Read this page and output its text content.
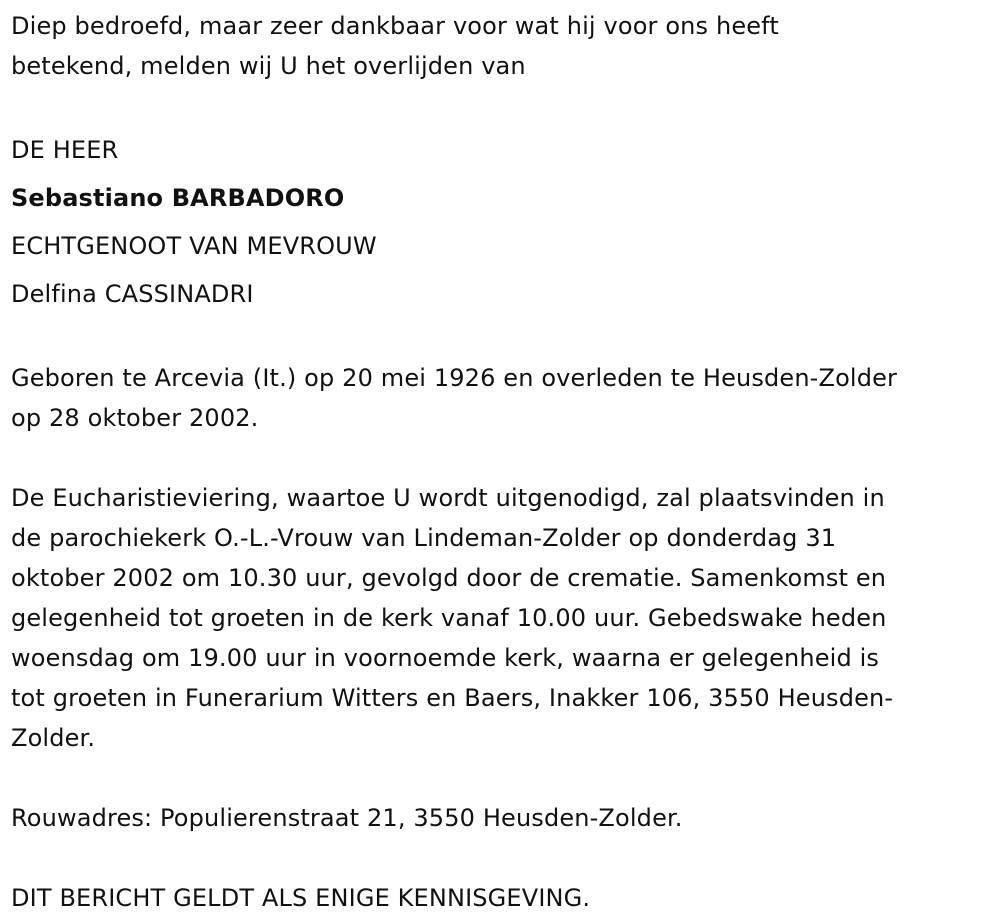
Diep bedroefd, maar zeer dankbaar voor wat hij voor ons heeft
betekend, melden wij U het overlijden van
DE HEER
Sebastiano BARBADORO
ECHTGENOOT VAN MEVROUW
Delfina CASSINADRI
Geboren te Arcevia (It.) op 20 mei 1926 en overleden te Heusden-Zolder
op 28 oktober 2002.
De Eucharistieviering, waartoe U wordt uitgenodigd, zal plaatsvinden in
de parochiekerk O.-L.-Vrouw van Lindeman-Zolder op donderdag 31
oktober 2002 om 10.30 uur, gevolgd door de crematie. Samenkomst en
gelegenheid tot groeten in de kerk vanaf 10.00 uur. Gebedswake heden
woensdag om 19.00 uur in voornoemde kerk, waarna er gelegenheid is
tot groeten in Funerarium Witters en Baers, Inakker 106, 3550 Heusden-
Zolder.
Rouwadres: Populierenstraat 21, 3550 Heusden-Zolder.
DIT BERICHT GELDT ALS ENIGE KENNISGEVING.
